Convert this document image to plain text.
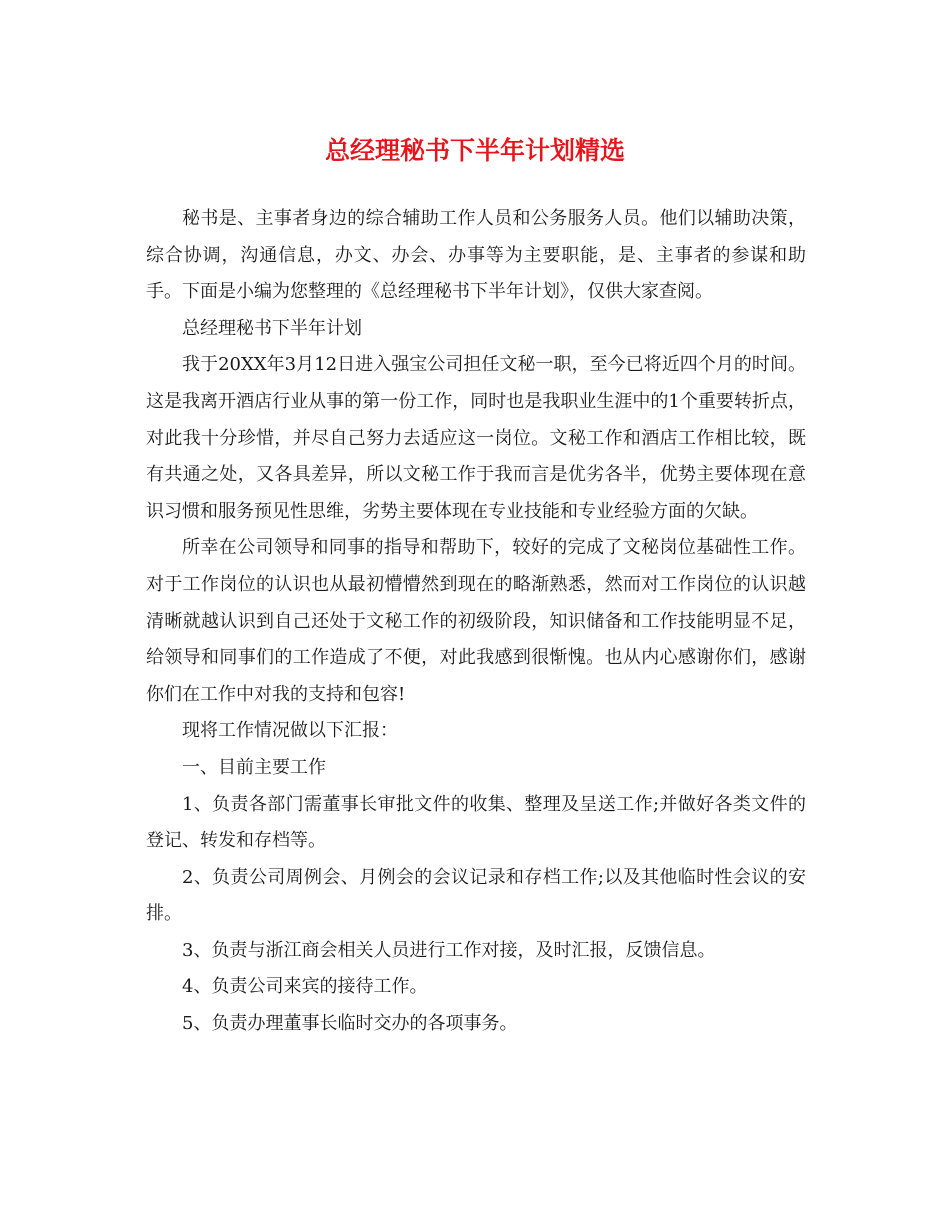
总经理秘书下半年计划精选

秘书是、主事者身边的综合辅助工作人员和公务服务人员。他们以辅助决策，综合协调，沟通信息，办文、办会、办事等为主要职能，是、主事者的参谋和助手。下面是小编为您整理的《总经理秘书下半年计划》，仅供大家查阅。

总经理秘书下半年计划

我于20XX年3月12日进入强宝公司担任文秘一职，至今已将近四个月的时间。这是我离开酒店行业从事的第一份工作，同时也是我职业生涯中的1个重要转折点，对此我十分珍惜，并尽自己努力去适应这一岗位。文秘工作和酒店工作相比较，既有共通之处，又各具差异，所以文秘工作于我而言是优劣各半，优势主要体现在意识习惯和服务预见性思维，劣势主要体现在专业技能和专业经验方面的欠缺。

所幸在公司领导和同事的指导和帮助下，较好的完成了文秘岗位基础性工作。对于工作岗位的认识也从最初懵懵然到现在的略渐熟悉，然而对工作岗位的认识越清晰就越认识到自己还处于文秘工作的初级阶段，知识储备和工作技能明显不足，给领导和同事们的工作造成了不便，对此我感到很惭愧。也从内心感谢你们，感谢你们在工作中对我的支持和包容!

现将工作情况做以下汇报：

一、目前主要工作

1、负责各部门需董事长审批文件的收集、整理及呈送工作;并做好各类文件的登记、转发和存档等。

2、负责公司周例会、月例会的会议记录和存档工作;以及其他临时性会议的安排。

3、负责与浙江商会相关人员进行工作对接，及时汇报，反馈信息。

4、负责公司来宾的接待工作。

5、负责办理董事长临时交办的各项事务。
